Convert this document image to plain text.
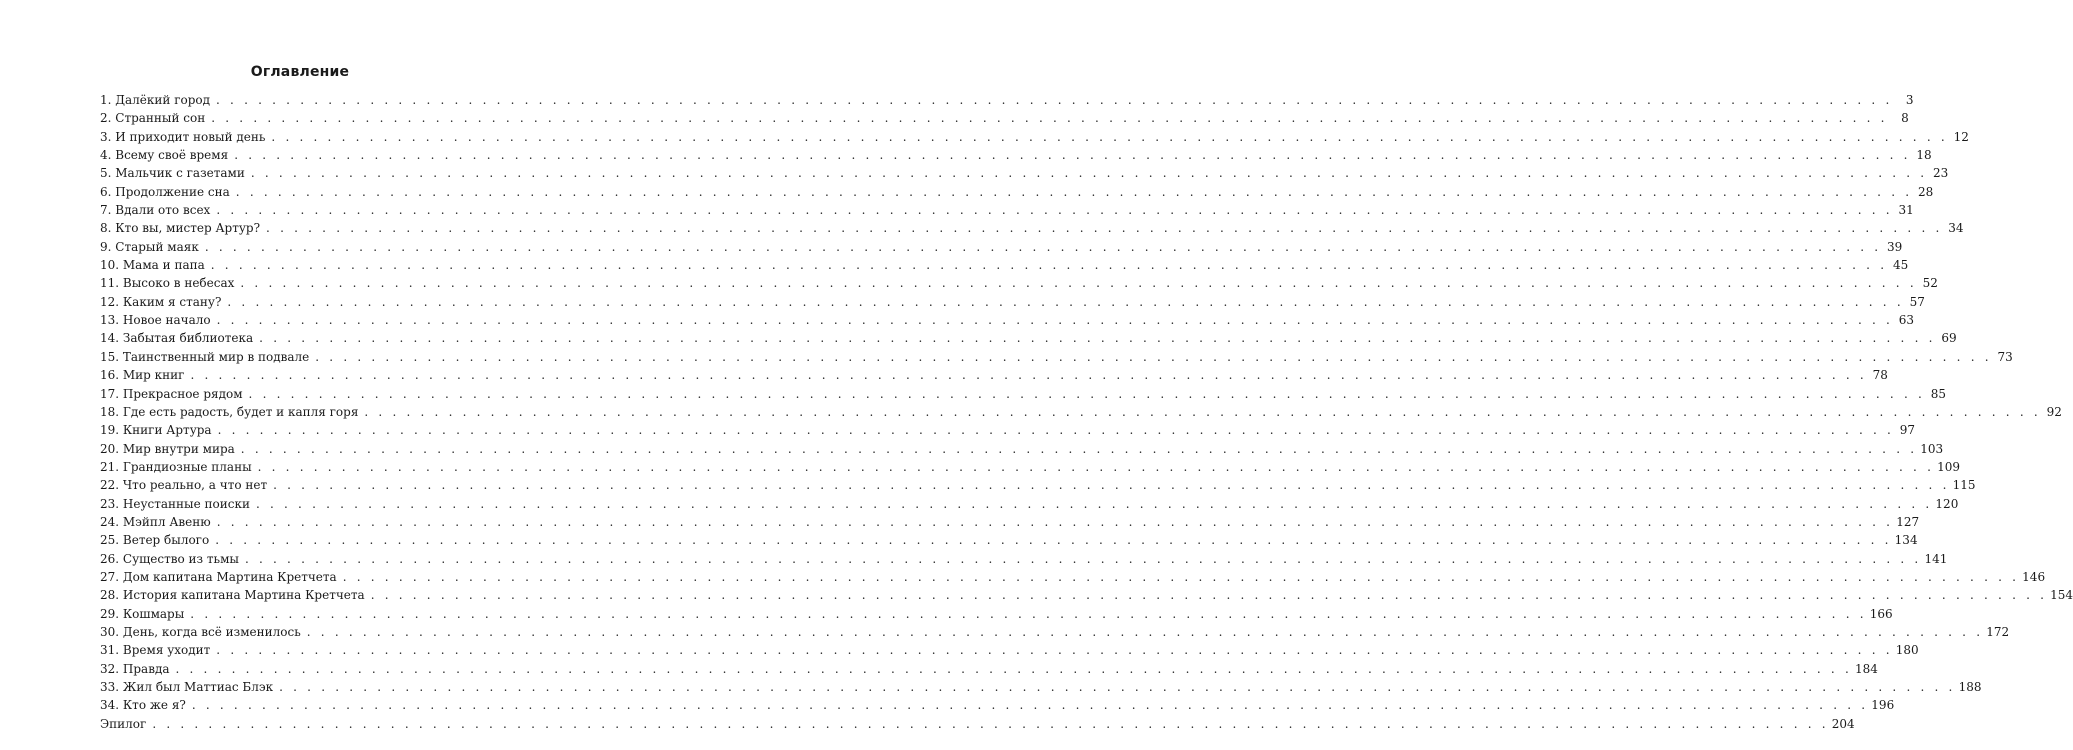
Оглавление
1. Далёкий город . . . . . . . . . . . . . . . . . . . . . . . . . . . . . . . . . . . . . . . . . . . . . . . . . . . . . . . . . . . . . . . . . . . . . . . . . . . . . . . . . . . . . . . . . . . . . . . . . . . . . . . . . . . . . . . . . . . . . . . .	3
2. Странный сон . . . . . . . . . . . . . . . . . . . . . . . . . . . . . . . . . . . . . . . . . . . . . . . . . . . . . . . . . . . . . . . . . . . . . . . . . . . . . . . . . . . . . . . . . . . . . . . . . . . . . . . . . . . . . . . . . . . . . . . .	8
3. И приходит новый день . . . . . . . . . . . . . . . . . . . . . . . . . . . . . . . . . . . . . . . . . . . . . . . . . . . . . . . . . . . . . . . . . . . . . . . . . . . . . . . . . . . . . . . . . . . . . . . . . . . . . . . . . . . . . . . . . . . . . . . . 12
4. Всему своё время . . . . . . . . . . . . . . . . . . . . . . . . . . . . . . . . . . . . . . . . . . . . . . . . . . . . . . . . . . . . . . . . . . . . . . . . . . . . . . . . . . . . . . . . . . . . . . . . . . . . . . . . . . . . . . . . . . . . . . . . 18
5. Мальчик с газетами . . . . . . . . . . . . . . . . . . . . . . . . . . . . . . . . . . . . . . . . . . . . . . . . . . . . . . . . . . . . . . . . . . . . . . . . . . . . . . . . . . . . . . . . . . . . . . . . . . . . . . . . . . . . . . . . . . . . . . . . 23
6. Продолжение сна . . . . . . . . . . . . . . . . . . . . . . . . . . . . . . . . . . . . . . . . . . . . . . . . . . . . . . . . . . . . . . . . . . . . . . . . . . . . . . . . . . . . . . . . . . . . . . . . . . . . . . . . . . . . . . . . . . . . . . . . 28
7. Вдали ото всех . . . . . . . . . . . . . . . . . . . . . . . . . . . . . . . . . . . . . . . . . . . . . . . . . . . . . . . . . . . . . . . . . . . . . . . . . . . . . . . . . . . . . . . . . . . . . . . . . . . . . . . . . . . . . . . . . . . . . . . . 31
8. Кто вы, мистер Артур? . . . . . . . . . . . . . . . . . . . . . . . . . . . . . . . . . . . . . . . . . . . . . . . . . . . . . . . . . . . . . . . . . . . . . . . . . . . . . . . . . . . . . . . . . . . . . . . . . . . . . . . . . . . . . . . . . . . . . . . . 34
9. Старый маяк . . . . . . . . . . . . . . . . . . . . . . . . . . . . . . . . . . . . . . . . . . . . . . . . . . . . . . . . . . . . . . . . . . . . . . . . . . . . . . . . . . . . . . . . . . . . . . . . . . . . . . . . . . . . . . . . . . . . . . . . 39
10. Мама и папа . . . . . . . . . . . . . . . . . . . . . . . . . . . . . . . . . . . . . . . . . . . . . . . . . . . . . . . . . . . . . . . . . . . . . . . . . . . . . . . . . . . . . . . . . . . . . . . . . . . . . . . . . . . . . . . . . . . . . . . . 45
11. Высоко в небесах . . . . . . . . . . . . . . . . . . . . . . . . . . . . . . . . . . . . . . . . . . . . . . . . . . . . . . . . . . . . . . . . . . . . . . . . . . . . . . . . . . . . . . . . . . . . . . . . . . . . . . . . . . . . . . . . . . . . . . . . 52
12. Каким я стану? . . . . . . . . . . . . . . . . . . . . . . . . . . . . . . . . . . . . . . . . . . . . . . . . . . . . . . . . . . . . . . . . . . . . . . . . . . . . . . . . . . . . . . . . . . . . . . . . . . . . . . . . . . . . . . . . . . . . . . . . 57
13. Новое начало . . . . . . . . . . . . . . . . . . . . . . . . . . . . . . . . . . . . . . . . . . . . . . . . . . . . . . . . . . . . . . . . . . . . . . . . . . . . . . . . . . . . . . . . . . . . . . . . . . . . . . . . . . . . . . . . . . . . . . . . 63
14. Забытая библиотека . . . . . . . . . . . . . . . . . . . . . . . . . . . . . . . . . . . . . . . . . . . . . . . . . . . . . . . . . . . . . . . . . . . . . . . . . . . . . . . . . . . . . . . . . . . . . . . . . . . . . . . . . . . . . . . . . . . . . . . . 69
15. Таинственный мир в подвале . . . . . . . . . . . . . . . . . . . . . . . . . . . . . . . . . . . . . . . . . . . . . . . . . . . . . . . . . . . . . . . . . . . . . . . . . . . . . . . . . . . . . . . . . . . . . . . . . . . . . . . . . . . . . . . . . . . . . . . . 73
16. Мир книг . . . . . . . . . . . . . . . . . . . . . . . . . . . . . . . . . . . . . . . . . . . . . . . . . . . . . . . . . . . . . . . . . . . . . . . . . . . . . . . . . . . . . . . . . . . . . . . . . . . . . . . . . . . . . . . . . . . . . . . . 78
17. Прекрасное рядом . . . . . . . . . . . . . . . . . . . . . . . . . . . . . . . . . . . . . . . . . . . . . . . . . . . . . . . . . . . . . . . . . . . . . . . . . . . . . . . . . . . . . . . . . . . . . . . . . . . . . . . . . . . . . . . . . . . . . . . . 85
18. Где есть радость, будет и капля горя . . . . . . . . . . . . . . . . . . . . . . . . . . . . . . . . . . . . . . . . . . . . . . . . . . . . . . . . . . . . . . . . . . . . . . . . . . . . . . . . . . . . . . . . . . . . . . . . . . . . . . . . . . . . . . . . . . . . . . . . 92
19. Книги Артура . . . . . . . . . . . . . . . . . . . . . . . . . . . . . . . . . . . . . . . . . . . . . . . . . . . . . . . . . . . . . . . . . . . . . . . . . . . . . . . . . . . . . . . . . . . . . . . . . . . . . . . . . . . . . . . . . . . . . . . . 97
20. Мир внутри мира . . . . . . . . . . . . . . . . . . . . . . . . . . . . . . . . . . . . . . . . . . . . . . . . . . . . . . . . . . . . . . . . . . . . . . . . . . . . . . . . . . . . . . . . . . . . . . . . . . . . . . . . . . . . . . . . . . . . . . . . 103
21. Грандиозные планы . . . . . . . . . . . . . . . . . . . . . . . . . . . . . . . . . . . . . . . . . . . . . . . . . . . . . . . . . . . . . . . . . . . . . . . . . . . . . . . . . . . . . . . . . . . . . . . . . . . . . . . . . . . . . . . . . . . . . . . . 109
22. Что реально, а что нет . . . . . . . . . . . . . . . . . . . . . . . . . . . . . . . . . . . . . . . . . . . . . . . . . . . . . . . . . . . . . . . . . . . . . . . . . . . . . . . . . . . . . . . . . . . . . . . . . . . . . . . . . . . . . . . . . . . . . . . . 115
23. Неустанные поиски . . . . . . . . . . . . . . . . . . . . . . . . . . . . . . . . . . . . . . . . . . . . . . . . . . . . . . . . . . . . . . . . . . . . . . . . . . . . . . . . . . . . . . . . . . . . . . . . . . . . . . . . . . . . . . . . . . . . . . . . 120
24. Мэйпл Авеню . . . . . . . . . . . . . . . . . . . . . . . . . . . . . . . . . . . . . . . . . . . . . . . . . . . . . . . . . . . . . . . . . . . . . . . . . . . . . . . . . . . . . . . . . . . . . . . . . . . . . . . . . . . . . . . . . . . . . . . . 127
25. Ветер былого . . . . . . . . . . . . . . . . . . . . . . . . . . . . . . . . . . . . . . . . . . . . . . . . . . . . . . . . . . . . . . . . . . . . . . . . . . . . . . . . . . . . . . . . . . . . . . . . . . . . . . . . . . . . . . . . . . . . . . . . 134
26. Существо из тьмы . . . . . . . . . . . . . . . . . . . . . . . . . . . . . . . . . . . . . . . . . . . . . . . . . . . . . . . . . . . . . . . . . . . . . . . . . . . . . . . . . . . . . . . . . . . . . . . . . . . . . . . . . . . . . . . . . . . . . . . . 141
27. Дом капитана Мартина Кретчета . . . . . . . . . . . . . . . . . . . . . . . . . . . . . . . . . . . . . . . . . . . . . . . . . . . . . . . . . . . . . . . . . . . . . . . . . . . . . . . . . . . . . . . . . . . . . . . . . . . . . . . . . . . . . . . . . . . . . . . . 146
28. История капитана Мартина Кретчета . . . . . . . . . . . . . . . . . . . . . . . . . . . . . . . . . . . . . . . . . . . . . . . . . . . . . . . . . . . . . . . . . . . . . . . . . . . . . . . . . . . . . . . . . . . . . . . . . . . . . . . . . . . . . . . . . . . . . . . . 154
29. Кошмары . . . . . . . . . . . . . . . . . . . . . . . . . . . . . . . . . . . . . . . . . . . . . . . . . . . . . . . . . . . . . . . . . . . . . . . . . . . . . . . . . . . . . . . . . . . . . . . . . . . . . . . . . . . . . . . . . . . . . . . . 166
30. День, когда всё изменилось . . . . . . . . . . . . . . . . . . . . . . . . . . . . . . . . . . . . . . . . . . . . . . . . . . . . . . . . . . . . . . . . . . . . . . . . . . . . . . . . . . . . . . . . . . . . . . . . . . . . . . . . . . . . . . . . . . . . . . . . 172
31. Время уходит . . . . . . . . . . . . . . . . . . . . . . . . . . . . . . . . . . . . . . . . . . . . . . . . . . . . . . . . . . . . . . . . . . . . . . . . . . . . . . . . . . . . . . . . . . . . . . . . . . . . . . . . . . . . . . . . . . . . . . . . 180
32. Правда . . . . . . . . . . . . . . . . . . . . . . . . . . . . . . . . . . . . . . . . . . . . . . . . . . . . . . . . . . . . . . . . . . . . . . . . . . . . . . . . . . . . . . . . . . . . . . . . . . . . . . . . . . . . . . . . . . . . . . . . 184
33. Жил был Маттиас Блэк . . . . . . . . . . . . . . . . . . . . . . . . . . . . . . . . . . . . . . . . . . . . . . . . . . . . . . . . . . . . . . . . . . . . . . . . . . . . . . . . . . . . . . . . . . . . . . . . . . . . . . . . . . . . . . . . . . . . . . . . 188
34. Кто же я? . . . . . . . . . . . . . . . . . . . . . . . . . . . . . . . . . . . . . . . . . . . . . . . . . . . . . . . . . . . . . . . . . . . . . . . . . . . . . . . . . . . . . . . . . . . . . . . . . . . . . . . . . . . . . . . . . . . . . . . . 196
Эпилог . . . . . . . . . . . . . . . . . . . . . . . . . . . . . . . . . . . . . . . . . . . . . . . . . . . . . . . . . . . . . . . . . . . . . . . . . . . . . . . . . . . . . . . . . . . . . . . . . . . . . . . . . . . . . . . . . . . . . . . . 204
